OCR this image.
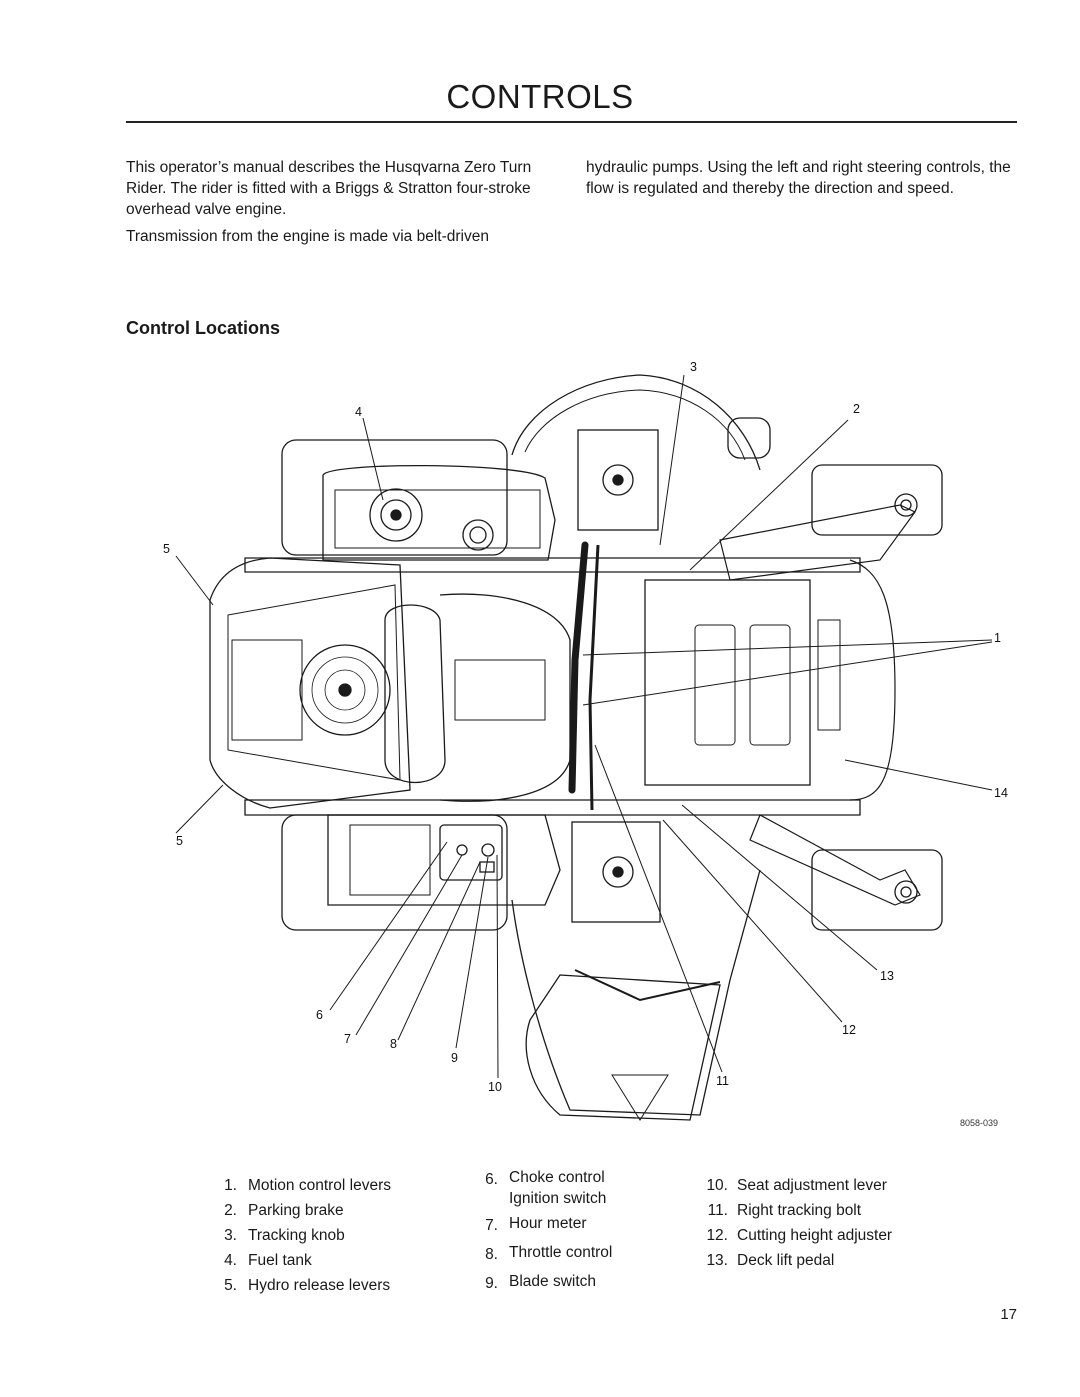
CONTROLS

This operator’s manual describes the Husqvarna Zero Turn Rider. The rider is fitted with a Briggs & Stratton four-stroke overhead valve engine.

Transmission from the engine is made via belt-driven

hydraulic pumps. Using the left and right steering controls, the flow is regulated and thereby the direction and speed.

Control Locations
3
2
4
5
1
14
5
13
6
7	8
12
9
10	11
8058-039
1. Motion control levers
2. Parking brake
3. Tracking knob
4. Fuel tank
5. Hydro release levers
6. Choke control Ignition switch
7. Hour meter
8. Throttle control
9. Blade switch
10. Seat adjustment lever
11. Right tracking bolt
12. Cutting height adjuster
13. Deck lift pedal
17
